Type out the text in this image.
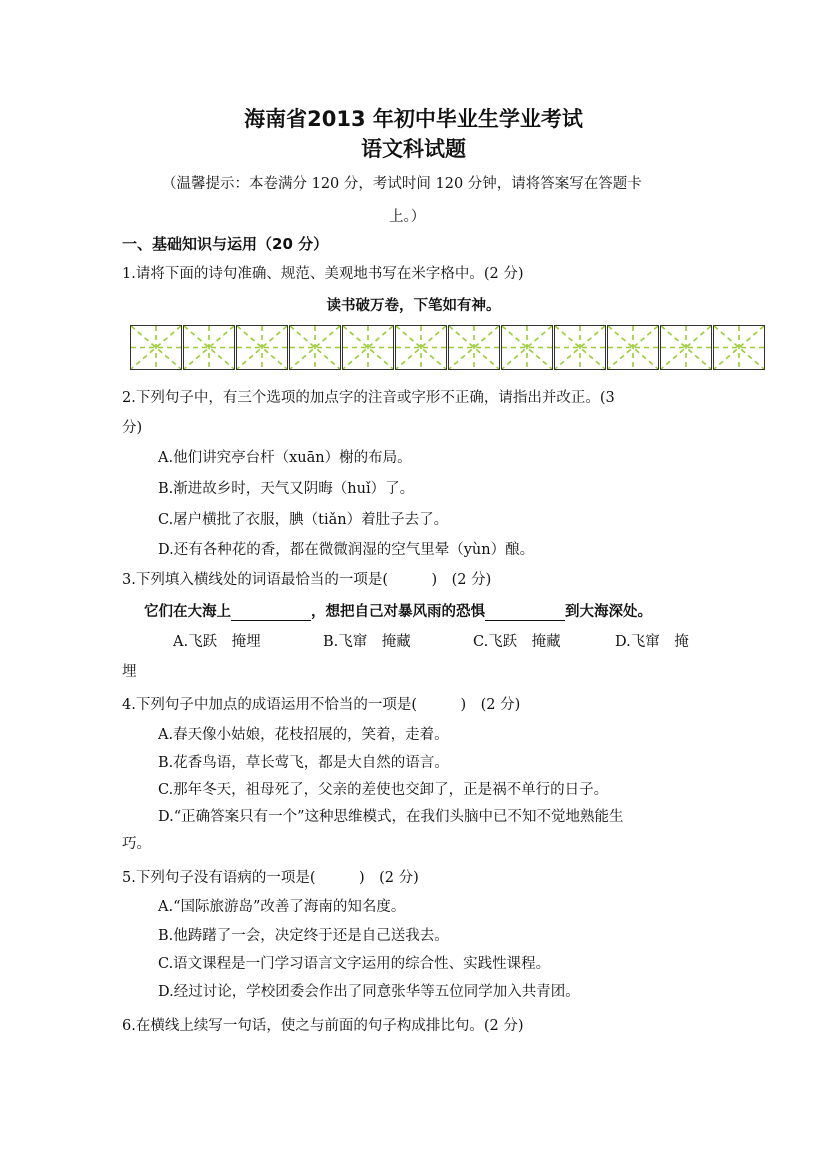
海南省2013 年初中毕业生学业考试
语文科试题
（温馨提示：本卷满分 120 分，考试时间 120 分钟，请将答案写在答题卡
上。）
一、基础知识与运用（20 分）
1.请将下面的诗句准确、规范、美观地书写在米字格中。(2 分)
读书破万卷，下笔如有神。
2.下列句子中，有三个选项的加点字的注音或字形不正确，请指出并改正。(3
分)
A.他们讲究亭台杆（xuān）榭的布局。
B.渐进故乡时，天气又阴晦（huǐ）了。
C.屠户横批了衣服，腆（tiǎn）着肚子去了。
D.还有各种花的香，都在微微润湿的空气里晕（yùn）酿。
3.下列填入横线处的词语最恰当的一项是(　　　)　(2 分)
它们在大海上	，想把自己对暴风雨的恐惧	到大海深处。
A.飞跃　掩埋	B.飞窜　掩藏	C.飞跃　掩藏	D.飞窜　掩
埋
4.下列句子中加点的成语运用不恰当的一项是(　　　)　(2 分)
A.春天像小姑娘，花枝招展的，笑着，走着。
B.花香鸟语，草长莺飞，都是大自然的语言。
C.那年冬天，祖母死了，父亲的差使也交卸了，正是祸不单行的日子。
D.“正确答案只有一个”这种思维模式，在我们头脑中已不知不觉地熟能生
巧。
5.下列句子没有语病的一项是(　　　)　(2 分)
A.“国际旅游岛”改善了海南的知名度。
B.他踌躇了一会，决定终于还是自己送我去。
C.语文课程是一门学习语言文字运用的综合性、实践性课程。
D.经过讨论，学校团委会作出了同意张华等五位同学加入共青团。
6.在横线上续写一句话，使之与前面的句子构成排比句。(2 分)
